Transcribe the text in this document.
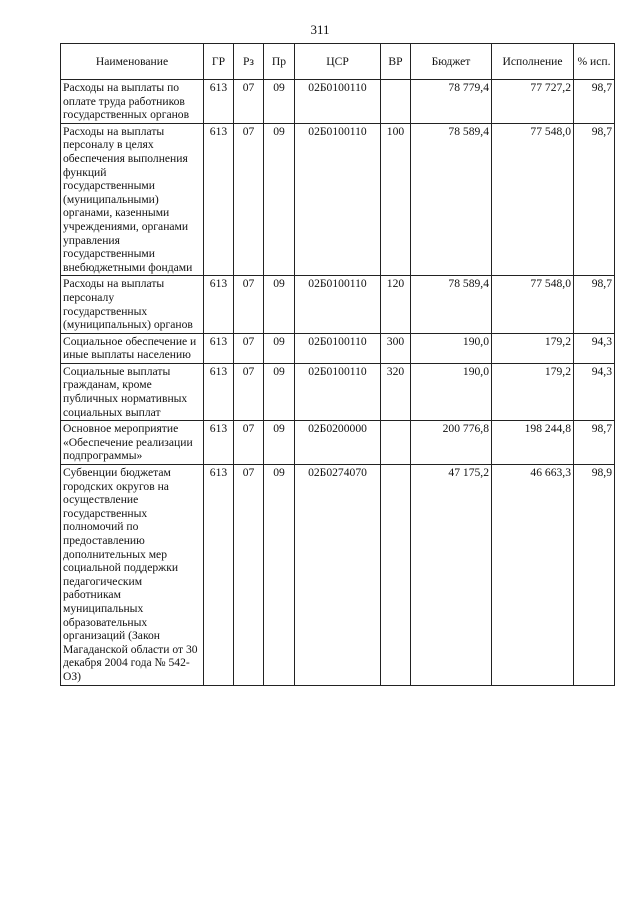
311
Наименование	ГР	Рз	Пр	ЦСР	ВР	Бюджет	Исполнение	% исп.
Расходы на выплаты по оплате труда работников государственных органов	613	07	09	02Б0100110		78 779,4	77 727,2	98,7
Расходы на выплаты персоналу в целях обеспечения выполнения функций государственными (муниципальными) органами, казенными учреждениями, органами управления государственными внебюджетными фондами	613	07	09	02Б0100110	100	78 589,4	77 548,0	98,7
Расходы на выплаты персоналу государственных (муниципальных) органов	613	07	09	02Б0100110	120	78 589,4	77 548,0	98,7
Социальное обеспечение и иные выплаты населению	613	07	09	02Б0100110	300	190,0	179,2	94,3
Социальные выплаты гражданам, кроме публичных нормативных социальных выплат	613	07	09	02Б0100110	320	190,0	179,2	94,3
Основное мероприятие «Обеспечение реализации подпрограммы»	613	07	09	02Б0200000		200 776,8	198 244,8	98,7
Субвенции бюджетам городских округов на осуществление государственных полномочий по предоставлению дополнительных мер социальной поддержки педагогическим работникам муниципальных образовательных организаций (Закон Магаданской области от 30 декабря 2004 года № 542-ОЗ)	613	07	09	02Б0274070		47 175,2	46 663,3	98,9
